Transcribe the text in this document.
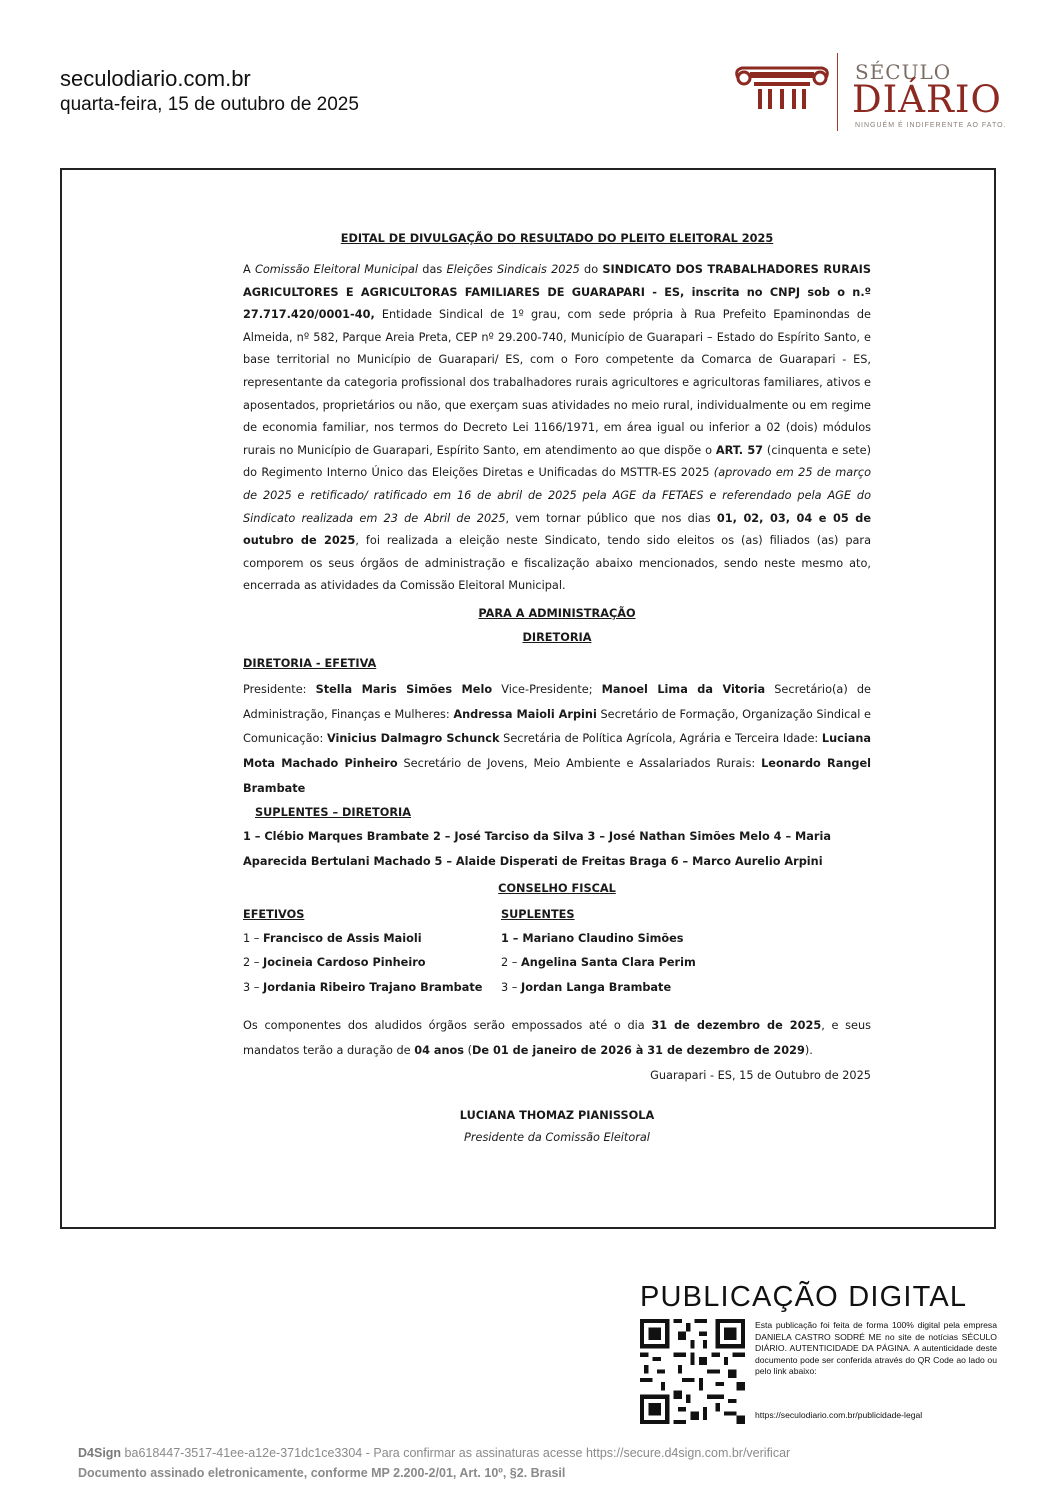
seculodiario.com.br
quarta-feira, 15 de outubro de 2025
SÉCULO
DIÁRIO
NINGUÉM É INDIFERENTE AO FATO.
EDITAL DE DIVULGAÇÃO DO RESULTADO DO PLEITO ELEITORAL 2025
A Comissão Eleitoral Municipal das Eleições Sindicais 2025 do SINDICATO DOS TRABALHADORES RURAIS AGRICULTORES E AGRICULTORAS FAMILIARES DE GUARAPARI - ES, inscrita no CNPJ sob o n.º 27.717.420/0001-40, Entidade Sindical de 1º grau, com sede própria à Rua Prefeito Epaminondas de Almeida, nº 582, Parque Areia Preta, CEP nº 29.200-740, Município de Guarapari – Estado do Espírito Santo, e base territorial no Município de Guarapari/ ES, com o Foro competente da Comarca de Guarapari - ES, representante da categoria profissional dos trabalhadores rurais agricultores e agricultoras familiares, ativos e aposentados, proprietários ou não, que exerçam suas atividades no meio rural, individualmente ou em regime de economia familiar, nos termos do Decreto Lei 1166/1971, em área igual ou inferior a 02 (dois) módulos rurais no Município de Guarapari, Espírito Santo, em atendimento ao que dispõe o ART. 57 (cinquenta e sete) do Regimento Interno Único das Eleições Diretas e Unificadas do MSTTR-ES 2025 (aprovado em 25 de março de 2025 e retificado/ ratificado em 16 de abril de 2025 pela AGE da FETAES e referendado pela AGE do Sindicato realizada em 23 de Abril de 2025, vem tornar público que nos dias 01, 02, 03, 04 e 05 de outubro de 2025, foi realizada a eleição neste Sindicato, tendo sido eleitos os (as) filiados (as) para comporem os seus órgãos de administração e fiscalização abaixo mencionados, sendo neste mesmo ato, encerrada as atividades da Comissão Eleitoral Municipal.
PARA A ADMINISTRAÇÃO
DIRETORIA
DIRETORIA - EFETIVA
Presidente: Stella Maris Simões Melo Vice-Presidente; Manoel Lima da Vitoria Secretário(a) de Administração, Finanças e Mulheres: Andressa Maioli Arpini Secretário de Formação, Organização Sindical e Comunicação: Vinicius Dalmagro Schunck Secretária de Política Agrícola, Agrária e Terceira Idade: Luciana Mota Machado Pinheiro Secretário de Jovens, Meio Ambiente e Assalariados Rurais: Leonardo Rangel Brambate
SUPLENTES – DIRETORIA
1 – Clébio Marques Brambate 2 – José Tarciso da Silva 3 – José Nathan Simões Melo 4 – Maria Aparecida Bertulani Machado 5 – Alaide Disperati de Freitas Braga 6 – Marco Aurelio Arpini
CONSELHO FISCAL
EFETIVOS
1 – Francisco de Assis Maioli
2 – Jocineia Cardoso Pinheiro
3 – Jordania Ribeiro Trajano Brambate
SUPLENTES
1 – Mariano Claudino Simões
2 – Angelina Santa Clara Perim
3 – Jordan Langa Brambate
Os componentes dos aludidos órgãos serão empossados até o dia 31 de dezembro de 2025, e seus mandatos terão a duração de 04 anos (De 01 de janeiro de 2026 à 31 de dezembro de 2029).
Guarapari - ES, 15 de Outubro de 2025
LUCIANA THOMAZ PIANISSOLA
Presidente da Comissão Eleitoral
PUBLICAÇÃO DIGITAL
Esta publicação foi feita de forma 100% digital pela empresa DANIELA CASTRO SODRÉ ME no site de notícias SÉCULO DIÁRIO. AUTENTICIDADE DA PÁGINA. A autenticidade deste documento pode ser conferida através do QR Code ao lado ou pelo link abaixo:
https://seculodiario.com.br/publicidade-legal
D4Sign ba618447-3517-41ee-a12e-371dc1ce3304 - Para confirmar as assinaturas acesse https://secure.d4sign.com.br/verificar
Documento assinado eletronicamente, conforme MP 2.200-2/01, Art. 10º, §2. Brasil
